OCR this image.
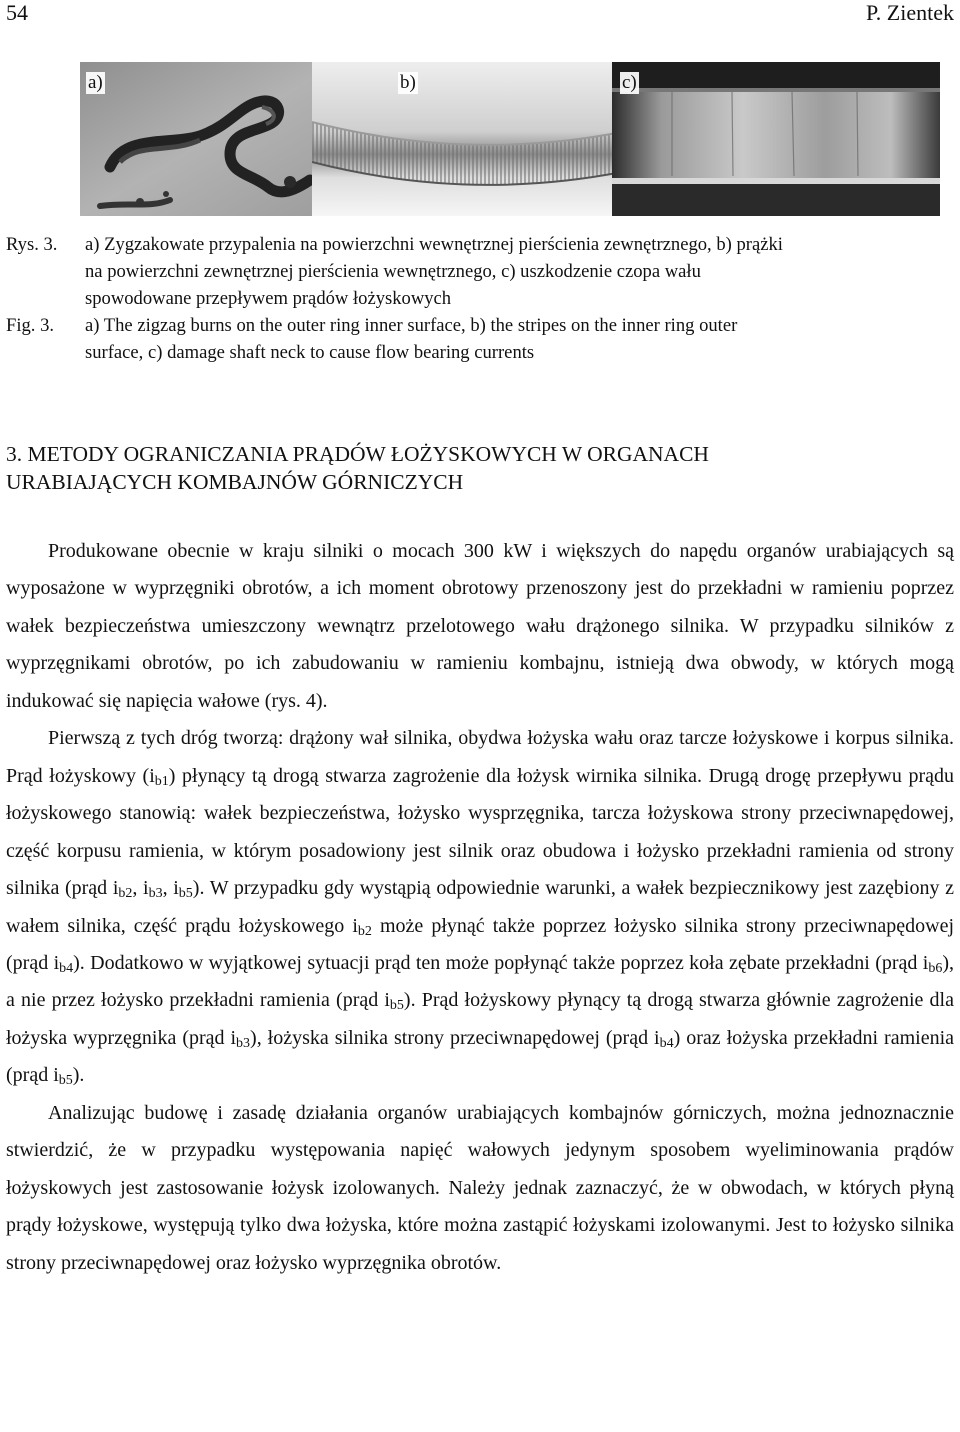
54	P. Zientek
a)	b)	c)
Rys. 3. a) Zygzakowate przypalenia na powierzchni wewnętrznej pierścienia zewnętrznego, b) prążki
na powierzchni zewnętrznej pierścienia wewnętrznego, c) uszkodzenie czopa wału
spowodowane przepływem prądów łożyskowych
Fig. 3. a) The zigzag burns on the outer ring inner surface, b) the stripes on the inner ring outer
surface, c) damage shaft neck to cause flow bearing currents
3. METODY OGRANICZANIA PRĄDÓW ŁOŻYSKOWYCH W ORGANACH
URABIAJĄCYCH KOMBAJNÓW GÓRNICZYCH

Produkowane obecnie w kraju silniki o mocach 300 kW i większych do napędu organów urabiających są wyposażone w wyprzęgniki obrotów, a ich moment obrotowy przenoszony jest do przekładni w ramieniu poprzez wałek bezpieczeństwa umieszczony wewnątrz przelotowego wału drążonego silnika. W przypadku silników z wyprzęgnikami obrotów, po ich zabudowaniu w ramieniu kombajnu, istnieją dwa obwody, w których mogą indukować się napięcia wałowe (rys. 4).

Pierwszą z tych dróg tworzą: drążony wał silnika, obydwa łożyska wału oraz tarcze łożyskowe i korpus silnika. Prąd łożyskowy $(i_{b1})$ płynący tą drogą stwarza zagrożenie dla łożysk wirnika silnika. Drugą drogę przepływu prądu łożyskowego stanowią: wałek bezpieczeństwa, łożysko wysprzęgnika, tarcza łożyskowa strony przeciwnapędowej, część korpusu ramienia, w którym posadowiony jest silnik oraz obudowa i łożysko przekładni ramienia od strony silnika (prąd $i_{b2}$, $i_{b3}$, $i_{b5}$). W przypadku gdy wystąpią odpowiednie warunki, a wałek bezpiecznikowy jest zazębiony z wałem silnika, część prądu łożyskowego $i_{b2}$ może płynąć także poprzez łożysko silnika strony przeciwnapędowej (prąd $i_{b4}$). Dodatkowo w wyjątkowej sytuacji prąd ten może popłynąć także poprzez koła zębate przekładni (prąd $i_{b6}$), a nie przez łożysko przekładni ramienia (prąd $i_{b5}$). Prąd łożyskowy płynący tą drogą stwarza głównie zagrożenie dla łożyska wyprzęgnika (prąd $i_{b3}$), łożyska silnika strony przeciwnapędowej (prąd $i_{b4}$) oraz łożyska przekładni ramienia (prąd $i_{b5}$).

Analizując budowę i zasadę działania organów urabiających kombajnów górniczych, można jednoznacznie stwierdzić, że w przypadku występowania napięć wałowych jedynym sposobem wyeliminowania prądów łożyskowych jest zastosowanie łożysk izolowanych. Należy jednak zaznaczyć, że w obwodach, w których płyną prądy łożyskowe, występują tylko dwa łożyska, które można zastąpić łożyskami izolowanymi. Jest to łożysko silnika strony przeciwnapędowej oraz łożysko wyprzęgnika obrotów.
